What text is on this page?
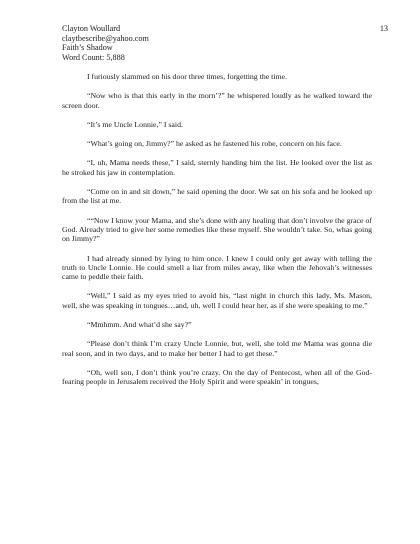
Clayton Woullard
claytbescribe@yahoo.com
Faith’s Shadow
Word Count: 5,888
13

I furiously slammed on his door three times, forgetting the time.

“Now who is that this early in the morn’?” he whispered loudly as he walked toward the screen door.

“It’s me Uncle Lonnie,” I said.

“What’s going on, Jimmy?” he asked as he fastened his robe, concern on his face.

“I, uh, Mama needs these,” I said, sternly handing him the list. He looked over the list as he stroked his jaw in contemplation.

“Come on in and sit down,” he said opening the door. We sat on his sofa and he looked up from the list at me.

““Now I know your Mama, and she’s done with any healing that don’t involve the grace of God. Already tried to give her some remedies like these myself. She wouldn’t take. So, whas going on Jimmy?”

I had already sinned by lying to him once. I knew I could only get away with telling the truth to Uncle Lonnie. He could smell a liar from miles away, like when the Jehovah’s witnesses came to peddle their faith.

“Well,” I said as my eyes tried to avoid his, “last night in church this lady, Ms. Mason, well, she was speaking in tongues…and, uh, well I could hear her, as if she were speaking to me.”

“Mmhmm. And what’d she say?”

“Please don’t think I’m crazy Uncle Lonnie, but, well, she told me Mama was gonna die real soon, and in two days, and to make her better I had to get these.”

“Oh, well son, I don’t think you’re crazy. On the day of Pentecost, when all of the God-fearing people in Jerusalem received the Holy Spirit and were speakin’ in tongues,
